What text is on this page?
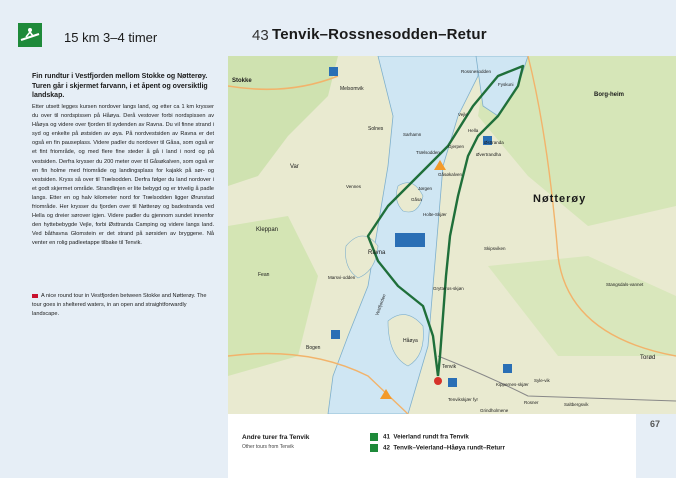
15 km 3–4 timer	43 Tenvik–Rossnesodden–Retur
Fin rundtur i Vestfjorden mellom Stokke og Nøtterøy. Turen går i skjermet farvann, i et åpent og oversiktlig landskap.
Etter utsett legges kursen nordover langs land, og etter ca 1 km krysser du over til nordspissen på Håøya. Derå vestover forbi nordspissen av Håøya og videre over fjorden til sydenden av Ravna. Du vil finne strand i syd og enkelte på østsiden av øya. På nordvestsiden av Ravna er det også en fin pauseplass. Videre padler du nordover til Gåsa, som også er et fint friområde, og med flere fine steder å gå i land i nord og på vestsiden. Derfra krysser du 200 meter over til Gåsøkalven, som også er en fin holme med friområde og landingsplass for kajakk på sør- og vestsiden. Kryss så over til Trælsodden. Derfra følger du land nordover i et godt skjermet område. Strandlinjen er lite bebygd og er trivelig å padle langs. Etter en og halv kilometer nord for Trælsodden ligger Ørunstad friområde. Her krysser du fjorden over til Nøtterøy og badestranda ved Hella og dreier sørover igjen. Videre padler du gjennom sundet innenfor den hyttebebygde Vejle, forbi Østtranda Camping og videre langs land. Ved båthavna Glomstein er det strand på sørsiden av bryggene. Nå venter en rolig padleetappe tilbake til Tenvik.
A nice round tour in Vestfjorden between Stokke and Nøtterøy. The tour goes in sheltered waters, in an open and straightforwardly landscape.
Stokke
Melsomvik
Solnes
Sarhamn
Trælsodden
Var
Vennes
Gåsa
Gåsøkalven
Hella
Vejle
Østtranda
Rossnesodden
Borg-heim
Nøtterøy
Holte-Skjær
Kleppan
Fean
Ravna
Skipsviken
Marsvi-odden
Grytteros-skjøn
Stangsdals-vannet
Håøya
Bogen
Tenvik
Torød
Kippernes-skjær
Syle-vik
Rosner	Saltbergsvik
Grindholmene
Tenvikskjær fyr
Gjerpen
Jørgen
Fyskuni
Øvertrandha
Vestfjorden
Andre turer fra Tenvik
Other tours from Tenvik
41 Veierland rundt fra Tenvik
42 Tenvik–Veierland–Håøya rundt–Returr
67
